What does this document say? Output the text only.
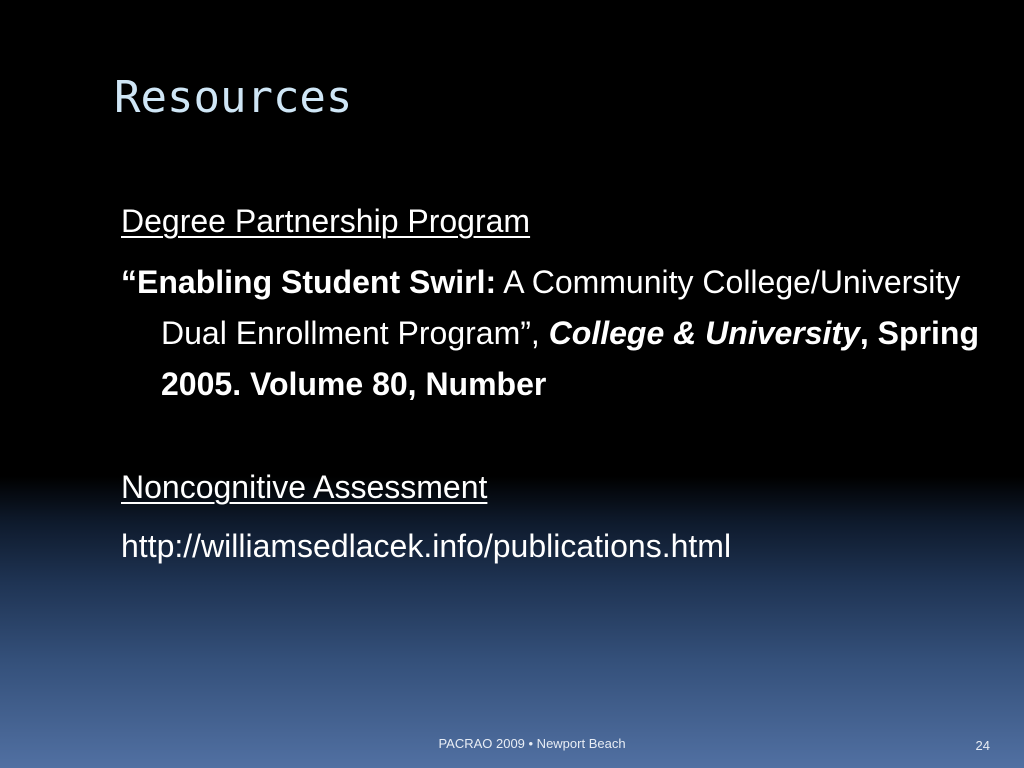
Resources
Degree Partnership Program
“Enabling Student Swirl: A Community College/University Dual Enrollment Program”, College & University, Spring 2005. Volume 80, Number
Noncognitive Assessment
http://williamsedlacek.info/publications.html
PACRAO 2009 • Newport Beach	24
